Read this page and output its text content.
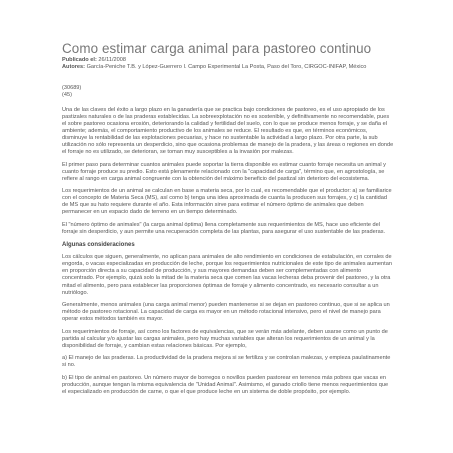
Como estimar carga animal para pastoreo continuo
Publicado el: 26/11/2008
Autores: García-Peniche T.B. y López-Guerrero I. Campo Experimental La Posta, Paso del Toro, CIRGOC-INIFAP, México
(30689)
(45)

Una de las claves del éxito a largo plazo en la ganadería que se practica bajo condiciones de pastoreo, es el uso apropiado de los pastizales naturales o de las praderas establecidas. La sobreexplotación no es sostenible, y definitivamente no recomendable, pues el sobre pastoreo ocasiona erosión, deteriorando la calidad y fertilidad del suelo, con lo que se produce menos forraje, y se daña el ambiente; además, el comportamiento productivo de los animales se reduce. El resultado es que, en términos económicos, disminuye la rentabilidad de las explotaciones pecuarias, y hace no sustentable la actividad a largo plazo. Por otra parte, la sub utilización no sólo representa un desperdicio, sino que ocasiona problemas de manejo de la pradera, y las áreas o regiones en donde el forraje no es utilizado, se deterioran, se toman muy susceptibles a la invasión por malezas.

El primer paso para determinar cuantos animales puede soportar la tierra disponible es estimar cuanto forraje necesita un animal y cuanto forraje produce su predio. Esto está plenamente relacionado con la "capacidad de carga", término que, en agrostología, se refiere al rango en carga animal congruente con la obtención del máximo beneficio del pastizal sin deterioro del ecosistema.

Los requerimientos de un animal se calculan en base a materia seca, por lo cual, es recomendable que el productor: a) se familiarice con el concepto de Materia Seca (MS), así como b) tenga una idea aproximada de cuanta la producen sus forrajes, y c) la cantidad de MS que su hato requiere durante el año. Esta información sirve para estimar el número óptimo de animales que deben permanecer en un espacio dado de terreno en un tiempo determinado.

El "número óptimo de animales" (la carga animal óptima) llena completamente sus requerimientos de MS, hace uso eficiente del forraje sin desperdicio, y aun permite una recuperación completa de las plantas, para asegurar el uso sustentable de las praderas.

Algunas consideraciones

Los cálculos que siguen, generalmente, no aplican para animales de alto rendimiento en condiciones de estabulación, en corrales de engorda, o vacas especializadas en producción de leche, porque los requerimientos nutricionales de este tipo de animales aumentan en proporción directa a su capacidad de producción, y sus mayores demandas deben ser complementadas con alimento concentrado. Por ejemplo, quizá solo la mitad de la materia seca que comen las vacas lecheras deba provenir del pastoreo, y la otra mitad el alimento, pero para establecer las proporciones óptimas de forraje y alimento concentrado, es necesario consultar a un nutriólogo.

Generalmente, menos animales (una carga animal menor) pueden mantenerse si se dejan en pastoreo continuo, que si se aplica un método de pastoreo rotacional. La capacidad de carga es mayor en un método rotacional intensivo, pero el nivel de manejo para operar estos métodos también es mayor.

Los requerimientos de forraje, así como los factores de equivalencias, que se verán más adelante, deben usarse como un punto de partida al calcular y/o ajustar las cargas animales, pero hay muchas variables que alteran los requerimientos de un animal y la disponibilidad de forraje, y cambian estas relaciones básicas. Por ejemplo,

a) El manejo de las praderas. La productividad de la pradera mejora si se fertiliza y se controlan malezas, y empieza paulatinamente si no.

b) El tipo de animal en pastoreo. Un número mayor de borregos o novillos pueden pastorear en terrenos más pobres que vacas en producción, aunque tengan la misma equivalencia de "Unidad Animal". Asimismo, el ganado criollo tiene menos requerimientos que el especializado en producción de carne, o que el que produce leche en un sistema de doble propósito, por ejemplo.
